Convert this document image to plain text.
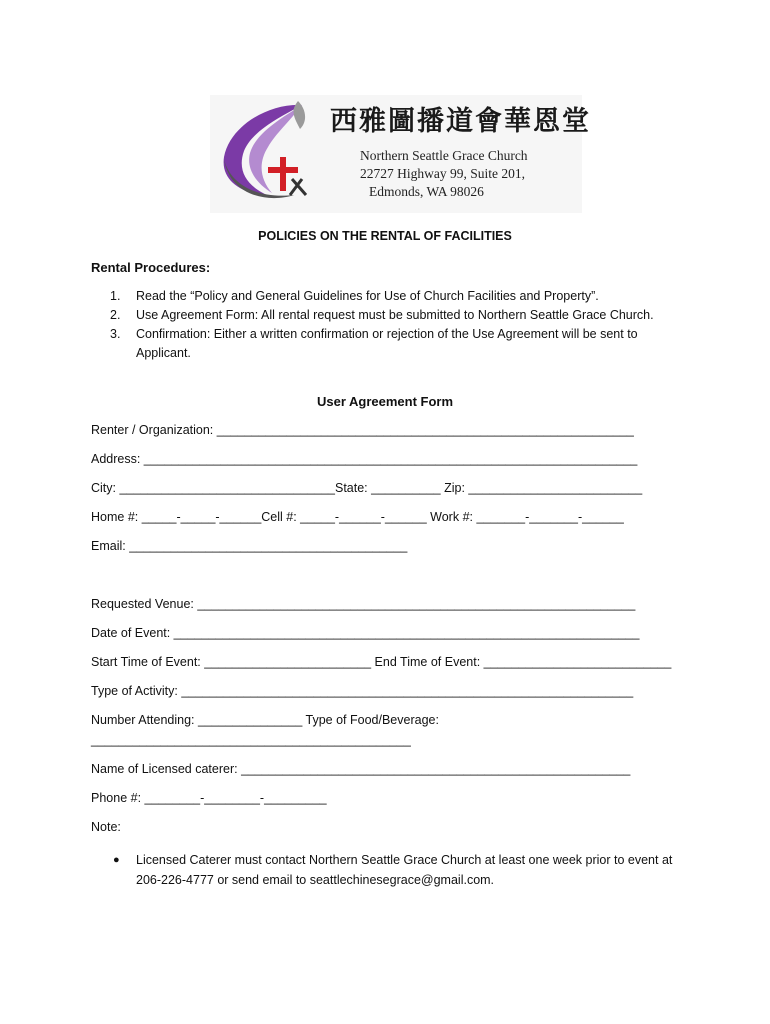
西雅圖播道會華恩堂
Northern Seattle Grace Church
22727 Highway 99, Suite 201,
Edmonds, WA 98026
POLICIES ON THE RENTAL OF FACILITIES
Rental Procedures:
1.	Read the “Policy and General Guidelines for Use of Church Facilities and Property”.
2.	Use Agreement Form: All rental request must be submitted to Northern Seattle Grace Church.
3.	Confirmation: Either a written confirmation or rejection of the Use Agreement will be sent to Applicant.
User Agreement Form
Renter / Organization: ____________________________________________________________
Address: _______________________________________________________________________
City: _______________________________State: __________ Zip: _________________________
Home #: _____-_____-______Cell #: _____-______-______ Work #: _______-_______-______
Email: ________________________________________
Requested Venue: _______________________________________________________________
Date of Event: ___________________________________________________________________
Start Time of Event: ________________________ End Time of Event: ___________________________
Type of Activity: _________________________________________________________________
Number Attending: _______________ Type of Food/Beverage:
______________________________________________
Name of Licensed caterer: ________________________________________________________
Phone #: ________-________-_________
Note:
●	Licensed Caterer must contact Northern Seattle Grace Church at least one week prior to event at 206-226-4777 or send email to seattlechinesegrace@gmail.com.
